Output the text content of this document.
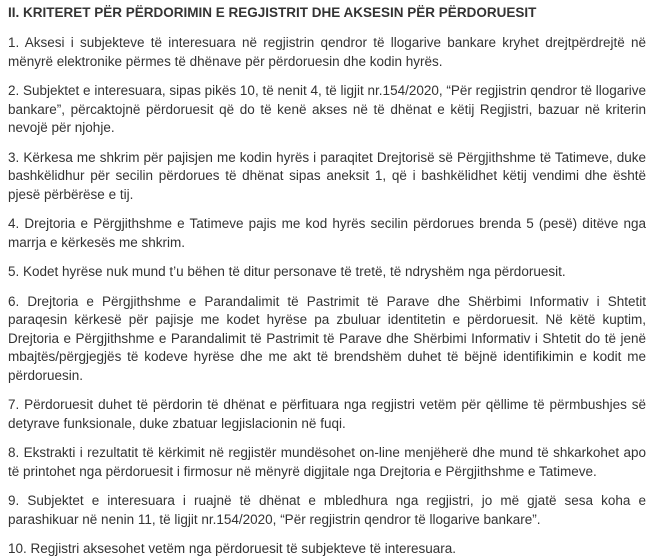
II. KRITERET PËR PËRDORIMIN E REGJISTRIT DHE AKSESIN PËR PËRDORUESIT

1. Aksesi i subjekteve të interesuara në regjistrin qendror të llogarive bankare kryhet drejtpërdrejtë në mënyrë elektronike përmes të dhënave për përdoruesin dhe kodin hyrës.

2. Subjektet e interesuara, sipas pikës 10, të nenit 4, të ligjit nr.154/2020, “Për regjistrin qendror të llogarive bankare”, përcaktojnë përdoruesit që do të kenë akses në të dhënat e këtij Regjistri, bazuar në kriterin nevojë për njohje.

3. Kërkesa me shkrim për pajisjen me kodin hyrës i paraqitet Drejtorisë së Përgjithshme të Tatimeve, duke bashkëlidhur për secilin përdorues të dhënat sipas aneksit 1, që i bashkëlidhet këtij vendimi dhe është pjesë përbërëse e tij.

4. Drejtoria e Përgjithshme e Tatimeve pajis me kod hyrës secilin përdorues brenda 5 (pesë) ditëve nga marrja e kërkesës me shkrim.

5. Kodet hyrëse nuk mund t’u bëhen të ditur personave të tretë, të ndryshëm nga përdoruesit.

6. Drejtoria e Përgjithshme e Parandalimit të Pastrimit të Parave dhe Shërbimi Informativ i Shtetit paraqesin kërkesë për pajisje me kodet hyrëse pa zbuluar identitetin e përdoruesit. Në këtë kuptim, Drejtoria e Përgjithshme e Parandalimit të Pastrimit të Parave dhe Shërbimi Informativ i Shtetit do të jenë mbajtës/përgjegjës të kodeve hyrëse dhe me akt të brendshëm duhet të bëjnë identifikimin e kodit me përdoruesin.

7. Përdoruesit duhet të përdorin të dhënat e përfituara nga regjistri vetëm për qëllime të përmbushjes së detyrave funksionale, duke zbatuar legjislacionin në fuqi.

8. Ekstrakti i rezultatit të kërkimit në regjistër mundësohet on-line menjëherë dhe mund të shkarkohet apo të printohet nga përdoruesit i firmosur në mënyrë digjitale nga Drejtoria e Përgjithshme e Tatimeve.

9. Subjektet e interesuara i ruajnë të dhënat e mbledhura nga regjistri, jo më gjatë sesa koha e parashikuar në nenin 11, të ligjit nr.154/2020, “Për regjistrin qendror të llogarive bankare”.

10. Regjistri aksesohet vetëm nga përdoruesit të subjekteve të interesuara.
